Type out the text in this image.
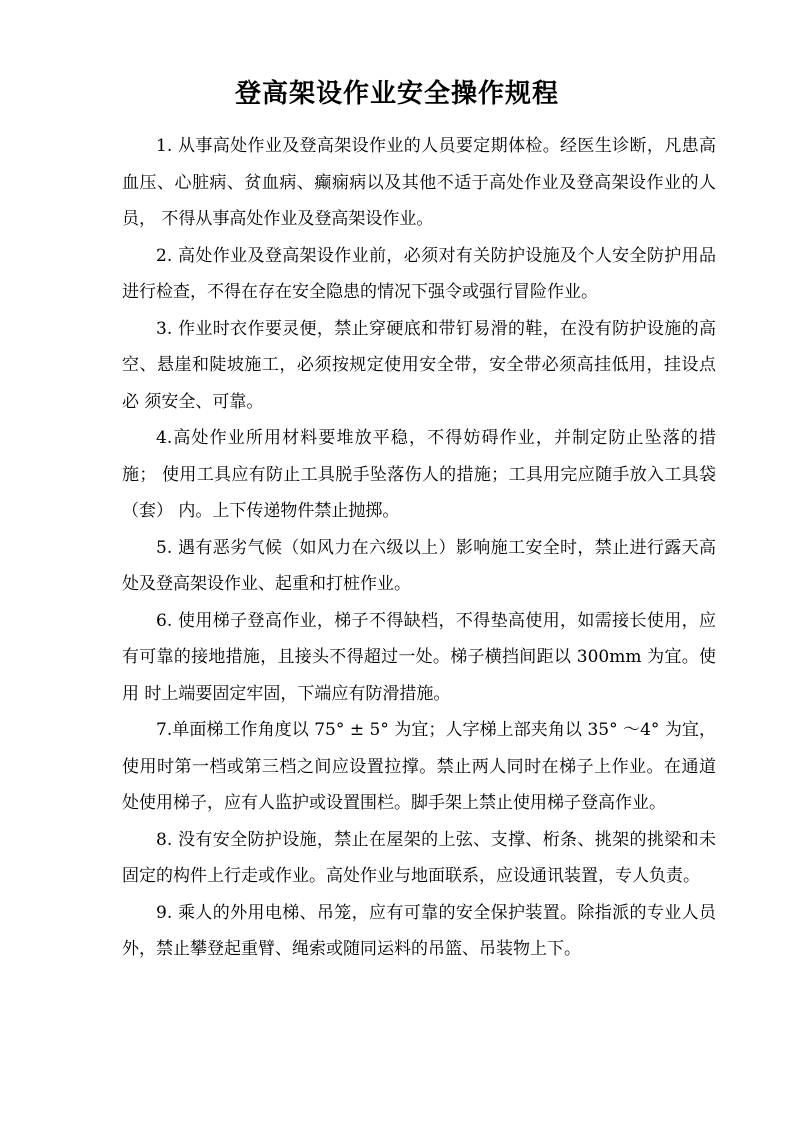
登高架设作业安全操作规程

1. 从事高处作业及登高架设作业的人员要定期体检。经医生诊断，凡患高血压、心脏病、贫血病、癫痫病以及其他不适于高处作业及登高架设作业的人员， 不得从事高处作业及登高架设作业。

2. 高处作业及登高架设作业前，必须对有关防护设施及个人安全防护用品 进行检查，不得在存在安全隐患的情况下强令或强行冒险作业。

3. 作业时衣作要灵便，禁止穿硬底和带钉易滑的鞋，在没有防护设施的高空、悬崖和陡坡施工，必须按规定使用安全带，安全带必须高挂低用，挂设点必 须安全、可靠。

4.高处作业所用材料要堆放平稳，不得妨碍作业，并制定防止坠落的措施； 使用工具应有防止工具脱手坠落伤人的措施；工具用完应随手放入工具袋（套） 内。上下传递物件禁止抛掷。

5. 遇有恶劣气候（如风力在六级以上）影响施工安全时，禁止进行露天高 处及登高架设作业、起重和打桩作业。

6. 使用梯子登高作业，梯子不得缺档，不得垫高使用，如需接长使用，应有可靠的接地措施，且接头不得超过一处。梯子横挡间距以 300mm 为宜。使用 时上端要固定牢固，下端应有防滑措施。

7.单面梯工作角度以 75° ± 5° 为宜；人字梯上部夹角以 35° ～4° 为宜，使用时第一档或第三档之间应设置拉撑。禁止两人同时在梯子上作业。在通道处使用梯子，应有人监护或设置围栏。脚手架上禁止使用梯子登高作业。

8. 没有安全防护设施，禁止在屋架的上弦、支撑、桁条、挑架的挑梁和未固定的构件上行走或作业。高处作业与地面联系，应设通讯装置，专人负责。

9. 乘人的外用电梯、吊笼，应有可靠的安全保护装置。除指派的专业人员 外，禁止攀登起重臂、绳索或随同运料的吊篮、吊装物上下。
